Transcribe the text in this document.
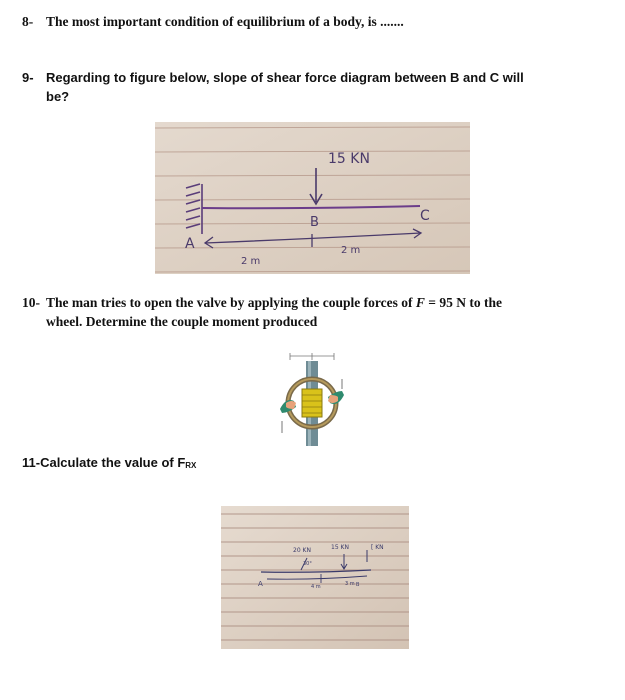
8- The most important condition of equilibrium of a body, is .......

9- Regarding to figure below, slope of shear force diagram between B and C will
be?

15 KN
A
B	C
2 m
2 m

10- The man tries to open the valve by applying the couple forces of F = 95 N to the
wheel. Determine the couple moment produced

11-Calculate the value of FRX

20 KN	15 KN	[ KN
30°
A	B
4 m	3 m
